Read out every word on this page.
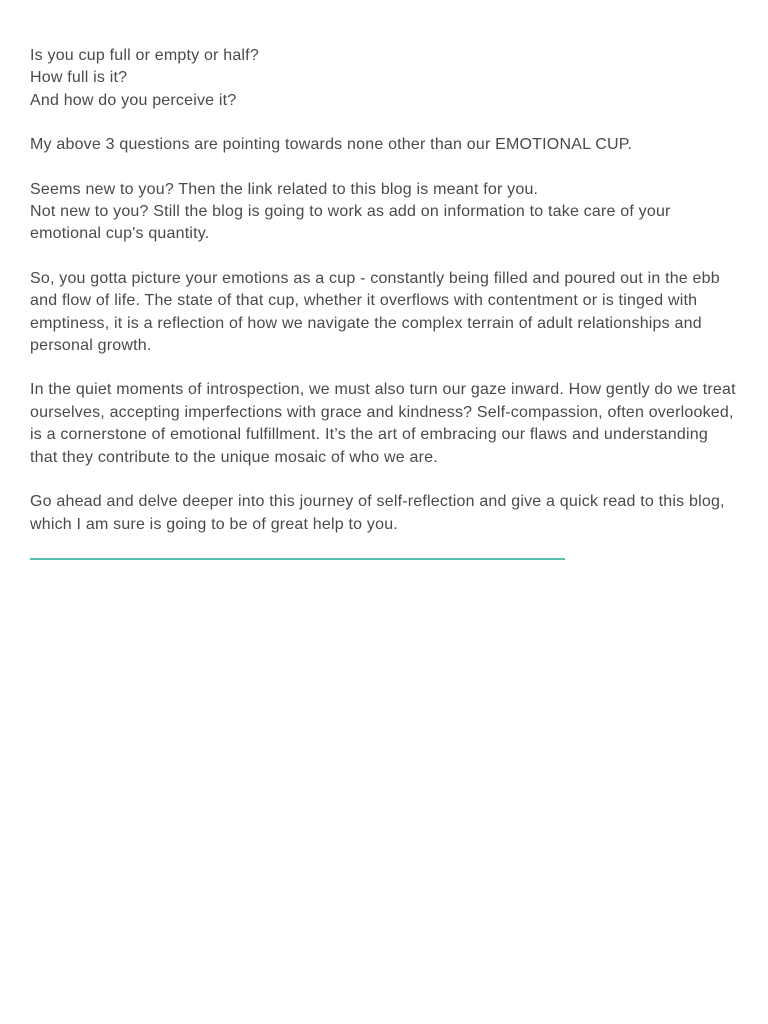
Is you cup full or empty or half?
How full is it?
And how do you perceive it?

My above 3 questions are pointing towards none other than our EMOTIONAL CUP.

Seems new to you? Then the link related to this blog is meant for you.
Not new to you? Still the blog is going to work as add on information to take care of your emotional cup's quantity.

So, you gotta picture your emotions as a cup - constantly being filled and poured out in the ebb and flow of life. The state of that cup, whether it overflows with contentment or is tinged with emptiness, it is a reflection of how we navigate the complex terrain of adult relationships and personal growth.

In the quiet moments of introspection, we must also turn our gaze inward. How gently do we treat ourselves, accepting imperfections with grace and kindness? Self-compassion, often overlooked, is a cornerstone of emotional fulfillment. It’s the art of embracing our flaws and understanding that they contribute to the unique mosaic of who we are.

Go ahead and delve deeper into this journey of self-reflection and give a quick read to this blog, which I am sure is going to be of great help to you.
